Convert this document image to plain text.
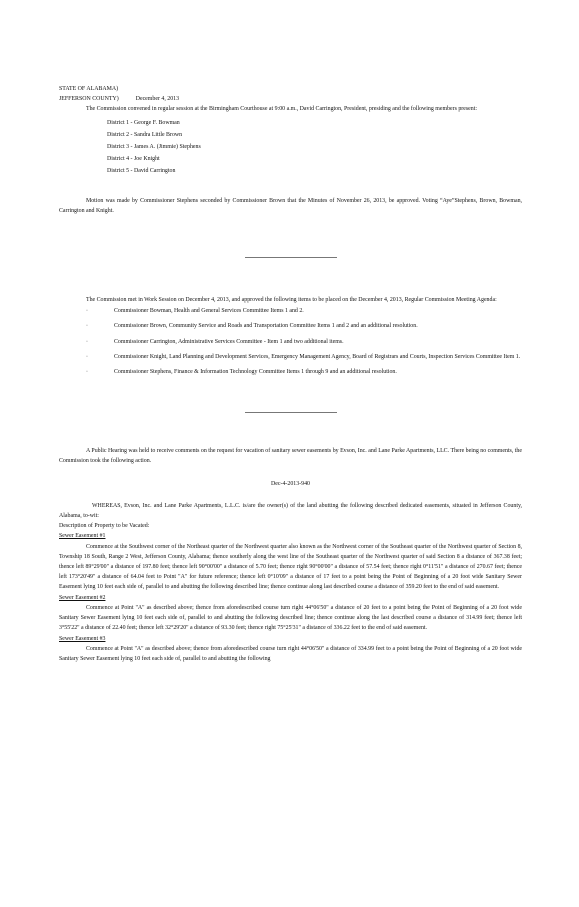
STATE OF ALABAMA)
JEFFERSON COUNTY)	December 4, 2013

The Commission convened in regular session at the Birmingham Courthouse at 9:00 a.m., David Carrington, President, presiding and the following members present:

District 1 - George F. Bowman
District 2 - Sandra Little Brown
District 3 - James A. (Jimmie) Stephens
District 4 - Joe Knight
District 5 - David Carrington

Motion was made by Commissioner Stephens seconded by Commissioner Brown that the Minutes of November 26, 2013, be approved. Voting “Aye”Stephens, Brown, Bowman, Carrington and Knight.

The Commission met in Work Session on December 4, 2013, and approved the following items to be placed on the December 4, 2013, Regular Commission Meeting Agenda:

·	Commissioner Bowman, Health and General Services Committee Items 1 and 2.
·	Commissioner Brown, Community Service and Roads and Transportation Committee Items 1 and 2 and an additional resolution.
·	Commissioner Carrington, Administrative Services Committee - Item 1 and two additional items.
·	Commissioner Knight, Land Planning and Development Services, Emergency Management Agency, Board of Registrars and Courts, Inspection Services Committee Item 1.
·	Commissioner Stephens, Finance & Information Technology Committee Items 1 through 9 and an additional resolution.

A Public Hearing was held to receive comments on the request for vacation of sanitary sewer easements by Evson, Inc. and Lane Parke Apartments, LLC. There being no comments, the Commission took the following action.

Dec-4-2013-940

WHEREAS, Evson, Inc. and Lane Parke Apartments, L.L.C. is/are the owner(s) of the land abutting the following described dedicated easements, situated in Jefferson County, Alabama, to-wit:

Description of Property to be Vacated:
Sewer Easement #1

Commence at the Southwest corner of the Northeast quarter of the Northwest quarter also known as the Northwest corner of the Southeast quarter of the Northwest quarter of Section 8, Township 18 South, Range 2 West, Jefferson County, Alabama; thence southerly along the west line of the Southeast quarter of the Northwest quarter of said Section 8 a distance of 367.38 feet; thence left 89°29'00" a distance of 197.80 feet; thence left 90°00'00" a distance of 5.70 feet; thence right 90°00'00" a distance of 57.54 feet; thence right 0°11'51" a distance of 270.67 feet; thence left 173°20'49" a distance of 64.04 feet to Point "A" for future reference; thence left 0°10'09" a distance of 17 feet to a point being the Point of Beginning of a 20 foot wide Sanitary Sewer Easement lying 10 feet each side of, parallel to and abutting the following described line; thence continue along last described course a distance of 359.20 feet to the end of said easement.

Sewer Easement #2

Commence at Point "A" as described above; thence from aforedescribed course turn right 44°06'50" a distance of 20 feet to a point being the Point of Beginning of a 20 foot wide Sanitary Sewer Easement lying 10 feet each side of, parallel to and abutting the following described line; thence continue along the last described course a distance of 314.99 feet; thence left 3°55'22" a distance of 22.40 feet; thence left 32°29'20" a distance of 93.30 feet; thence right 75°25'31" a distance of 336.22 feet to the end of said easement.

Sewer Easement #3

Commence at Point "A" as described above; thence from aforedescribed course turn right 44°06'50" a distance of 334.99 feet to a point being the Point of Beginning of a 20 foot wide Sanitary Sewer Easement lying 10 feet each side of, parallel to and abutting the following
